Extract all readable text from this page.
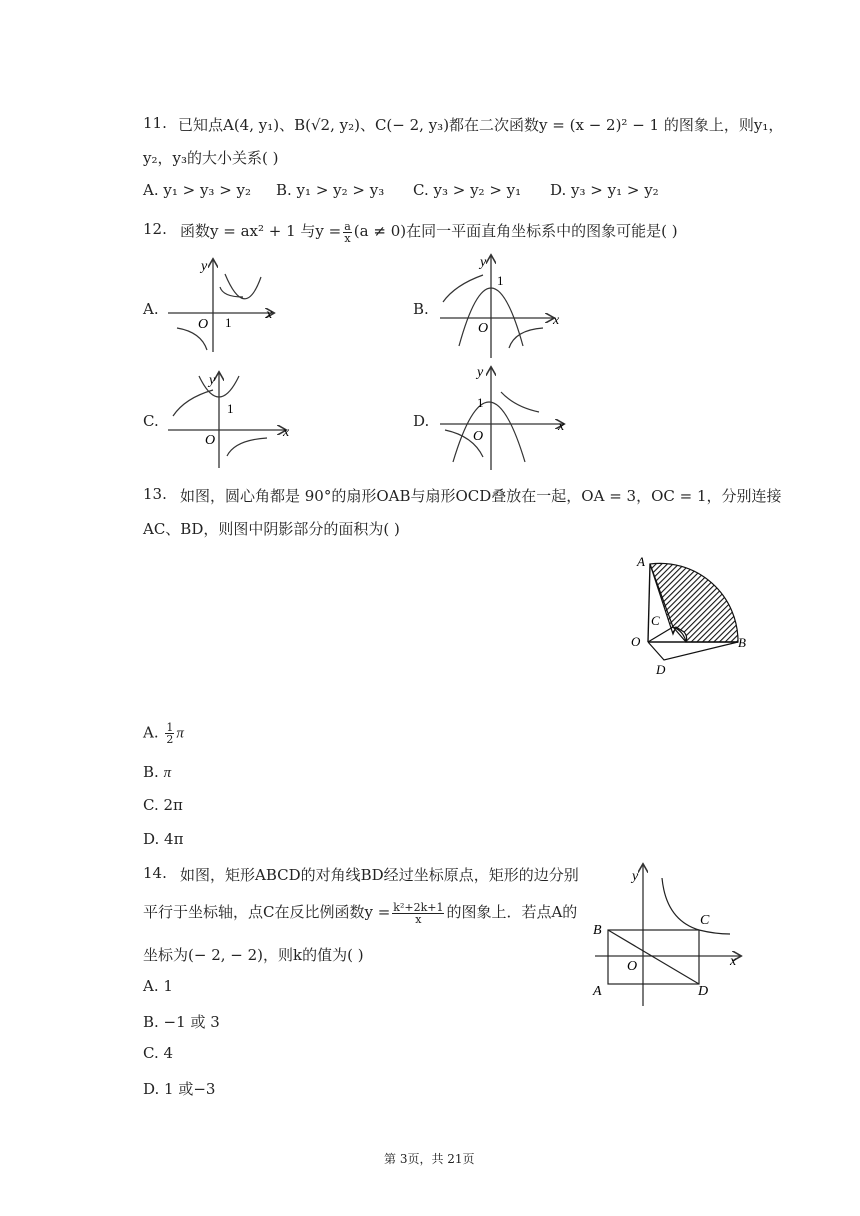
11. 已知点A(4, y₁)、B(√2, y₂)、C(− 2, y₃)都在二次函数y = (x − 2)² − 1 的图象上，则y₁，
y₂，y₃的大小关系( )
A. y₁ > y₃ > y₂ B. y₁ > y₂ > y₃ C. y₃ > y₂ > y₁ D. y₃ > y₁ > y₂
12. 函数y = ax² + 1 与$y = \frac{a}{x} (a \ne 0)$在同一平面直角坐标系中的图象可能是( )
A.	B.
C.	D.
y
x
O 1
y
x
O
1
y
x
O
1
y
x
O
1
13. 如图，圆心角都是 90°的扇形OAB与扇形OCD叠放在一起，OA = 3，OC = 1，分别连接
AC、BD，则图中阴影部分的面积为( )
A
B
C
D
O
A. $\frac{1}{2}$ π
B. π
C. 2π
D. 4π
14. 如图，矩形ABCD的对角线BD经过坐标原点，矩形的边分别
平行于坐标轴，点C在反比例函数$y = \frac{\text{k²+2k+1}}{x}$ 的图象上．若点A的
坐标为(− 2, − 2)，则k的值为( )
y
x
O
B
C
A	D
A. 1
B. −1 或 3
C. 4
D. 1 或−3
第 3页，共 21页
